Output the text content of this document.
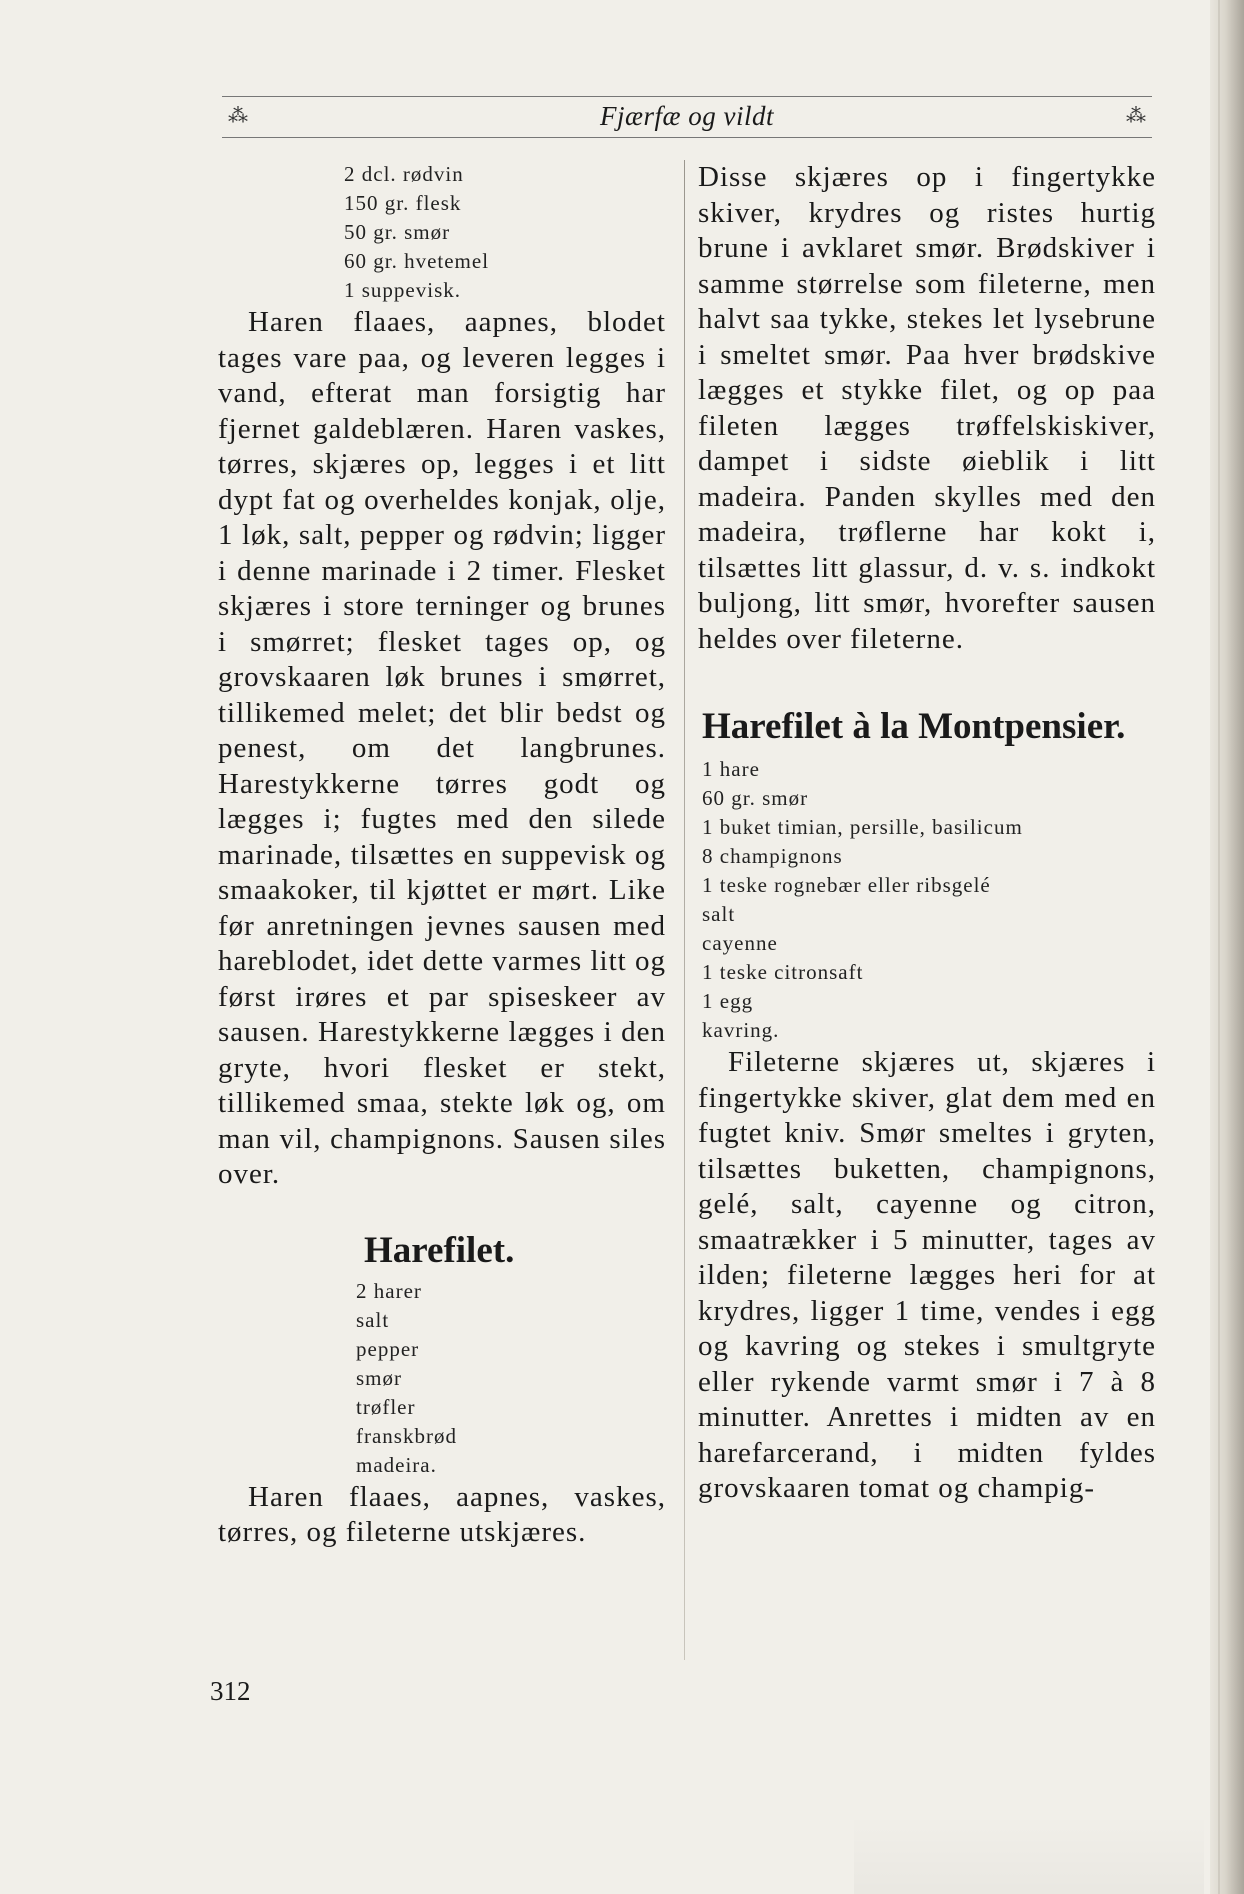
⁂	Fjærfæ og vildt	⁂
2 dcl. rødvin
150 gr. flesk
50 gr. smør
60 gr. hvetemel
1 suppevisk.

Haren flaaes, aapnes, blodet tages vare paa, og leveren legges i vand, efterat man forsigtig har fjernet galdeblæren. Haren vaskes, tørres, skjæres op, legges i et litt dypt fat og overheldes konjak, olje, 1 løk, salt, pepper og rødvin; ligger i denne marinade i 2 timer. Flesket skjæres i store terninger og brunes i smørret; flesket tages op, og grovskaaren løk brunes i smørret, tillikemed melet; det blir bedst og penest, om det langbrunes. Harestykkerne tørres godt og lægges i; fugtes med den silede marinade, tilsættes en suppevisk og smaakoker, til kjøttet er mørt. Like før anretningen jevnes sausen med hareblodet, idet dette varmes litt og først irøres et par spiseskeer av sausen. Harestykkerne lægges i den gryte, hvori flesket er stekt, tillikemed smaa, stekte løk og, om man vil, champignons. Sausen siles over.

Harefilet.
2 harer
salt
pepper
smør
trøfler
franskbrød
madeira.

Haren flaaes, aapnes, vaskes, tørres, og fileterne utskjæres.

Disse skjæres op i fingertykke skiver, krydres og ristes hurtig brune i avklaret smør. Brødskiver i samme størrelse som fileterne, men halvt saa tykke, stekes let lysebrune i smeltet smør. Paa hver brødskive lægges et stykke filet, og op paa fileten lægges trøffelskiskiver, dampet i sidste øieblik i litt madeira. Panden skylles med den madeira, trøflerne har kokt i, tilsættes litt glassur, d. v. s. indkokt buljong, litt smør, hvorefter sausen heldes over fileterne.

Harefilet à la Montpensier.
1 hare
60 gr. smør
1 buket timian, persille, basilicum
8 champignons
1 teske rognebær eller ribsgelé
salt
cayenne
1 teske citronsaft
1 egg
kavring.

Fileterne skjæres ut, skjæres i fingertykke skiver, glat dem med en fugtet kniv. Smør smeltes i gryten, tilsættes buketten, champignons, gelé, salt, cayenne og citron, smaatrækker i 5 minutter, tages av ilden; fileterne lægges heri for at krydres, ligger 1 time, vendes i egg og kavring og stekes i smultgryte eller rykende varmt smør i 7 à 8 minutter. Anrettes i midten av en harefarcerand, i midten fyldes grovskaaren tomat og champig-

312
